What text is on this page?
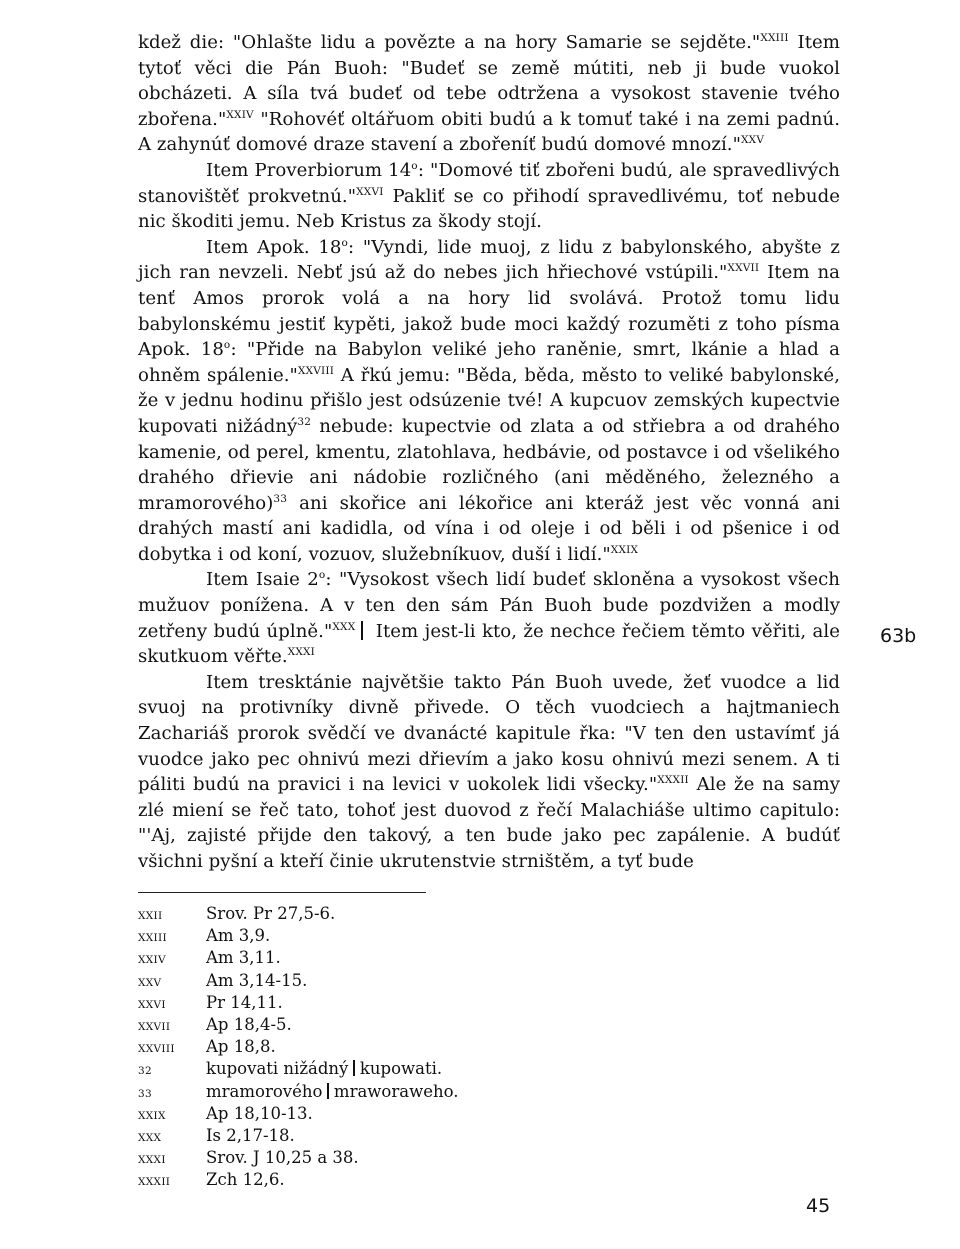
kdež die: "Ohlašte lidu a povězte a na hory Samarie se sejděte."$^{XXIII}$ Item tytoť věci die Pán Buoh: "Budeť se země mútiti, neb ji bude vuokol obcházeti. A síla tvá budeť od tebe odtržena a vysokost stavenie tvého zbořena."$^{XXIV}$ "Rohovéť oltářuom obiti budú a k tomuť také i na zemi padnú. A zahynúť domové draze stavení a zbořeníť budú domové mnozí."$^{XXV}$

Item Proverbiorum 14$^o$: "Domové tiť zbořeni budú, ale spravedlivých stanovištěť prokvetnú."$^{XXVI}$ Pakliť se co přihodí spravedlivému, toť nebude nic škoditi jemu. Neb Kristus za škody stojí.

Item Apok. 18$^o$: "Vyndi, lide muoj, z lidu z babylonského, abyšte z jich ran nevzeli. Nebť jsú až do nebes jich hřiechové vstúpili."$^{XXVII}$ Item na tenť Amos prorok volá a na hory lid svolává. Protož tomu lidu babylonskému jestiť kypěti, jakož bude moci každý rozuměti z toho písma Apok. 18$^o$: "Přide na Babylon veliké jeho raněnie, smrt, lkánie a hlad a ohněm spálenie."$^{XXVIII}$ A řkú jemu: "Běda, běda, město to veliké babylonské, že v jednu hodinu přišlo jest odsúzenie tvé! A kupcuov zemských kupectvie kupovati nižádný$^{32}$ nebude: kupectvie od zlata a od střiebra a od drahého kamenie, od perel, kmentu, zlatohlava, hedbávie, od postavce i od všelikého drahého dřievie ani nádobie rozličného (ani měděného, železného a mramorového)$^{33}$ ani skořice ani lékořice ani kteráž jest věc vonná ani drahých mastí ani kadidla, od vína i od oleje i od běli i od pšenice i od dobytka i od koní, vozuov, služebníkuov, duší i lidí."$^{XXIX}$

Item Isaie 2$^o$: "Vysokost všech lidí budeť skloněna a vysokost všech mužuov ponížena. A v ten den sám Pán Buoh bude pozdvižen a modly zetřeny budú úplně."$^{XXX}$ Item jest-li kto, že nechce řečiem těmto věřiti, ale skutkuom věřte.$^{XXXI}$

Item tresktánie najvětšie takto Pán Buoh uvede, žeť vuodce a lid svuoj na protivníky divně přivede. O těch vuodciech a hajtmaniech Zachariáš prorok svědčí ve dvanácté kapitule řka: "V ten den ustavímť já vuodce jako pec ohnivú mezi dřievím a jako kosu ohnivú mezi senem. A ti páliti budú na pravici i na levici v uokolek lidi všecky."$^{XXXII}$ Ale že na samy zlé miení se řeč tato, tohoť jest duovod z řečí Malachiáše ultimo capitulo: "'Aj, zajisté přijde den takový, a ten bude jako pec zapálenie. A budúť všichni pyšní a kteří činie ukrutenstvie strništěm, a tyť bude

63b
XXII	Srov. Pr 27,5-6.
XXIII	Am 3,9.
XXIV	Am 3,11.
XXV	Am 3,14-15.
XXVI	Pr 14,11.
XXVII	Ap 18,4-5.
XXVIII	Ap 18,8.
32	kupovati nižádný kupowati.
33	mramorového mraworaweho.
XXIX	Ap 18,10-13.
XXX	Is 2,17-18.
XXXI	Srov. J 10,25 a 38.
XXXII	Zch 12,6.
45
